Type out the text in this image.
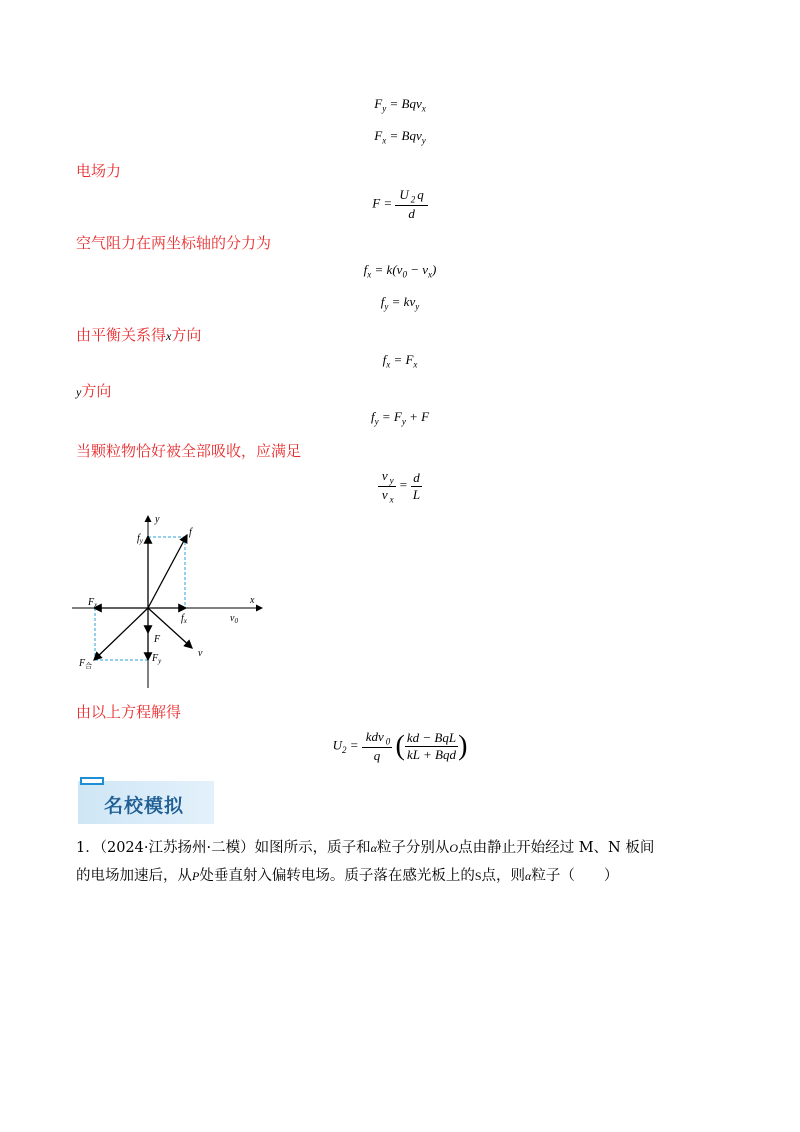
$F_y = Bqv_x$
$F_x = Bqv_y$
电场力
$F = \frac{U _2 q}{d}$
空气阻力在两坐标轴的分力为
$f_x = k(v_0 - v_x)$
$f_y = kv_y$
由平衡关系得x方向
$f_x = F_x$
y方向
$f_y = F_y + F$
当颗粒物恰好被全部吸收，应满足
$\frac{v _y}{v _x} = \frac{d}{L}$
y
x
f
$f_y$
$f_x$	$v_0$
$F_x$
F
$F_y$
$F_合$
v
由以上方程解得
$U_2 = \frac{kdv _0}{q}$ ( $\frac{\text{kd − BqL}}{\text{kL + Bqd}}$ )
名校模拟
1．（2024·江苏扬州·二模）如图所示，质子和α粒子分别从O点由静止开始经过 M、N 板间
的电场加速后，从P处垂直射入偏转电场。质子落在感光板上的S点，则α粒子（　　）
